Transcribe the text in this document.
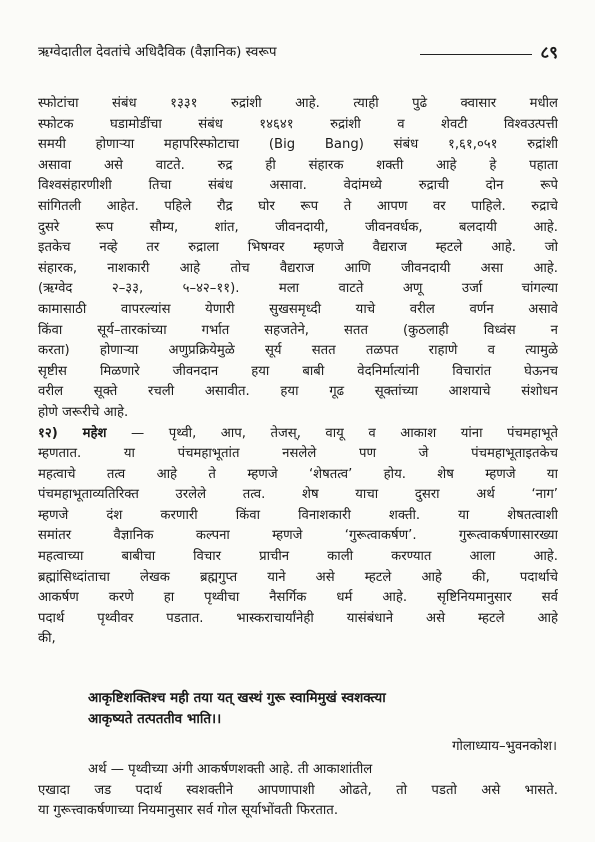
ऋग्वेदातील देवतांचे अधिदैविक (वैज्ञानिक) स्वरूप	८९
स्फोटांचा संबंध १३३१ रुद्रांशी आहे. त्याही पुढे क्वासार मधील
स्फोटक घडामोडींचा संबंध १४६४१ रुद्रांशी व शेवटी विश्वउत्पत्ती
समयी होणाऱ्या महापरिस्फोटाचा (Big Bang) संबंध १,६१,०५१ रुद्रांशी
असावा असे वाटते. रुद्र ही संहारक शक्ती आहे हे पहाता
विश्वसंहारणीशी तिचा संबंध असावा. वेदांमध्ये रुद्राची दोन रूपे
सांगितली आहेत. पहिले रौद्र घोर रूप ते आपण वर पाहिले. रुद्राचे
दुसरे रूप सौम्य, शांत, जीवनदायी, जीवनवर्धक, बलदायी आहे.
इतकेच नव्हे तर रुद्राला भिषग्वर म्हणजे वैद्यराज म्हटले आहे. जो
संहारक, नाशकारी आहे तोच वैद्यराज आणि जीवनदायी असा आहे.
(ऋग्वेद २–३३, ५–४२–११). मला वाटते अणू उर्जा चांगल्या
कामासाठी वापरल्यांस येणारी सुखसमृध्दी याचे वरील वर्णन असावे
किंवा सूर्य–तारकांच्या गर्भात सहजतेने, सतत (कुठलाही विध्वंस न
करता) होणाऱ्या अणुप्रक्रियेमुळे सूर्य सतत तळपत राहाणे व त्यामुळे
सृष्टीस मिळणारे जीवनदान हया बाबी वेदनिर्मात्यांनी विचारांत घेऊनच
वरील सूक्ते रचली असावीत. हया गूढ सूक्तांच्या आशयाचे संशोधन
होणे जरूरीचे आहे.
१२) महेश — पृथ्वी, आप, तेजस्, वायू व आकाश यांना पंचमहाभूते
म्हणतात. या पंचमहाभूतांत नसलेले पण जे पंचमहाभूताइतकेच
महत्वाचे तत्व आहे ते म्हणजे ‘शेषतत्व’ होय. शेष म्हणजे या
पंचमहाभूताव्यतिरिक्त उरलेले तत्व. शेष याचा दुसरा अर्थ ‘नाग’
म्हणजे दंश करणारी किंवा विनाशकारी शक्ती. या शेषतत्वाशी
समांतर वैज्ञानिक कल्पना म्हणजे ‘गुरूत्वाकर्षण’. गुरूत्वाकर्षणासारख्या
महत्वाच्या बाबीचा विचार प्राचीन काली करण्यात आला आहे.
ब्रह्मांसिध्दांताचा लेखक ब्रह्मगुप्त याने असे म्हटले आहे की, पदार्थाचे
आकर्षण करणे हा पृथ्वीचा नैसर्गिक धर्म आहे. सृष्टिनियमानुसार सर्व
पदार्थ पृथ्वीवर पडतात. भास्कराचार्यांनेही यासंबंधाने असे म्हटले आहे
की,
आकृष्टिशक्तिश्च मही तया यत् खस्थं गुरू स्वामिमुखं स्वशक्त्या
आकृष्यते तत्पततीव भाति।।
गोलाध्याय–भुवनकोश।
अर्थ — पृथ्वीच्या अंगी आकर्षणशक्ती आहे. ती आकाशांतील
एखादा जड पदार्थ स्वशक्तीने आपणापाशी ओढते, तो पडतो असे भासते.
या गुरूत्त्वाकर्षणाच्या नियमानुसार सर्व गोल सूर्याभोंवती फिरतात.
